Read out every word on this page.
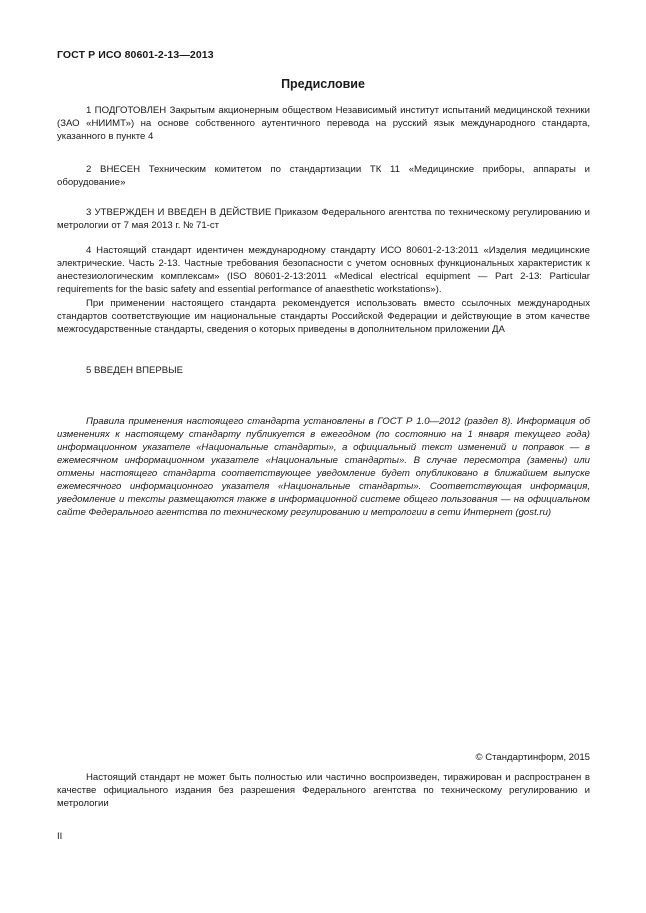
ГОСТ Р ИСО 80601-2-13—2013
Предисловие

1 ПОДГОТОВЛЕН Закрытым акционерным обществом Независимый институт испытаний медицинской техники (ЗАО «НИИМТ») на основе собственного аутентичного перевода на русский язык международного стандарта, указанного в пункте 4

2 ВНЕСЕН Техническим комитетом по стандартизации ТК 11 «Медицинские приборы, аппараты и оборудование»

3 УТВЕРЖДЕН И ВВЕДЕН В ДЕЙСТВИЕ Приказом Федерального агентства по техническому регулированию и метрологии от 7 мая 2013 г. № 71-ст

4 Настоящий стандарт идентичен международному стандарту ИСО 80601-2-13:2011 «Изделия медицинские электрические. Часть 2-13. Частные требования безопасности с учетом основных функциональных характеристик к анестезиологическим комплексам» (ISO 80601-2-13:2011 «Medical electrical equipment — Part 2-13: Particular requirements for the basic safety and essential performance of anaesthetic workstations»).

При применении настоящего стандарта рекомендуется использовать вместо ссылочных международных стандартов соответствующие им национальные стандарты Российской Федерации и действующие в этом качестве межгосударственные стандарты, сведения о которых приведены в дополнительном приложении ДА

5 ВВЕДЕН ВПЕРВЫЕ

Правила применения настоящего стандарта установлены в ГОСТ Р 1.0—2012 (раздел 8). Информация об изменениях к настоящему стандарту публикуется в ежегодном (по состоянию на 1 января текущего года) информационном указателе «Национальные стандарты», а официальный текст изменений и поправок — в ежемесячном информационном указателе «Национальные стандарты». В случае пересмотра (замены) или отмены настоящего стандарта соответствующее уведомление будет опубликовано в ближайшем выпуске ежемесячного информационного указателя «Национальные стандарты». Соответствующая информация, уведомление и тексты размещаются также в информационной системе общего пользования — на официальном сайте Федерального агентства по техническому регулированию и метрологии в сети Интернет (gost.ru)

© Стандартинформ, 2015

Настоящий стандарт не может быть полностью или частично воспроизведен, тиражирован и распространен в качестве официального издания без разрешения Федерального агентства по техническому регулированию и метрологии

II
